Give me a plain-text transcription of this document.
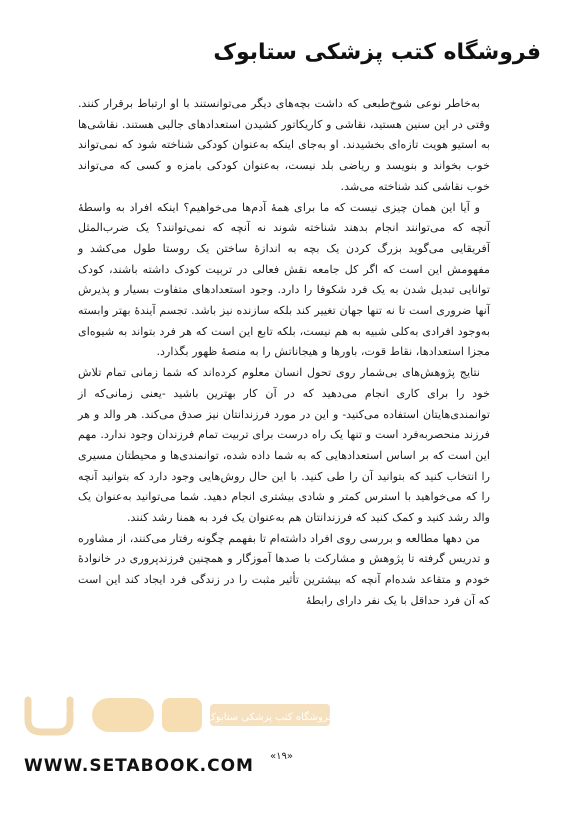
فروشگاه کتب پزشکی ستابوک

به‌خاطر نوعی شوخ‌طبعی که داشت بچه‌های دیگر می‌توانستند با او ارتباط برقرار کنند. وقتی در این سنین هستید، نقاشی و کاریکاتور کشیدن استعدادهای جالبی هستند. نقاشی‌ها به استیو هویت تازه‌ای بخشیدند. او به‌جای اینکه به‌عنوان کودکی شناخته شود که نمی‌تواند خوب بخواند و بنویسد و ریاضی بلد نیست، به‌عنوان کودکی بامزه و کسی که می‌تواند خوب نقاشی کند شناخته می‌شد.

و آیا این همان چیزی نیست که ما برای همهٔ آدم‌ها می‌خواهیم؟ اینکه افراد به واسطهٔ آنچه که می‌توانند انجام بدهند شناخته شوند نه آنچه که نمی‌توانند؟ یک ضرب‌المثل آفریقایی می‌گوید بزرگ کردن یک بچه به اندازهٔ ساختن یک روستا طول می‌کشد و مفهومش این است که اگر کل جامعه نقش فعالی در تربیت کودک داشته باشند، کودک توانایی تبدیل شدن به یک فرد شکوفا را دارد. وجود استعدادهای متفاوت بسیار و پذیرش آنها ضروری است تا نه تنها جهان تغییر کند بلکه سازنده نیز باشد. تجسم آیندهٔ بهتر وابسته به‌وجود افرادی به‌کلی شبیه به هم نیست، بلکه تابع این است که هر فرد بتواند به شیوه‌ای مجزا استعدادها، نقاط قوت، باورها و هیجاناتش را به منصهٔ ظهور بگذارد.

نتایج پژوهش‌های بی‌شمار روی تحول انسان معلوم کرده‌اند که شما زمانی تمام تلاش خود را برای کاری انجام می‌دهید که در آن کار بهترین باشید -یعنی زمانی‌که از توانمندی‌هایتان استفاده می‌کنید- و این در مورد فرزندانتان نیز صدق می‌کند. هر والد و هر فرزند منحصربه‌فرد است و تنها یک راه درست برای تربیت تمام فرزندان وجود ندارد. مهم این است که بر اساس استعدادهایی که به شما داده شده، توانمندی‌ها و محیطتان مسیری را انتخاب کنید که بتوانید آن را طی کنید. با این حال روش‌هایی وجود دارد که بتوانید آنچه را که می‌خواهید با استرس کمتر و شادی بیشتری انجام دهید. شما می‌توانید به‌عنوان یک والد رشد کنید و کمک کنید که فرزندانتان هم به‌عنوان یک فرد به همنا رشد کنند.

من دهها مطالعه و بررسی روی افراد داشته‌ام تا بفهمم چگونه رفتار می‌کنند، از مشاوره و تدریس گرفته تا پژوهش و مشارکت با صدها آموزگار و همچنین فرزندپروری در خانوادهٔ خودم و متقاعد شده‌ام آنچه که بیشترین تأثیر مثبت را در زندگی فرد ایجاد کند این است که آن فرد حداقل با یک نفر دارای رابطهٔ

فروشگاه کتب پزشکی ستابوک
WWW.SETABOOK.COM «۱۹»
